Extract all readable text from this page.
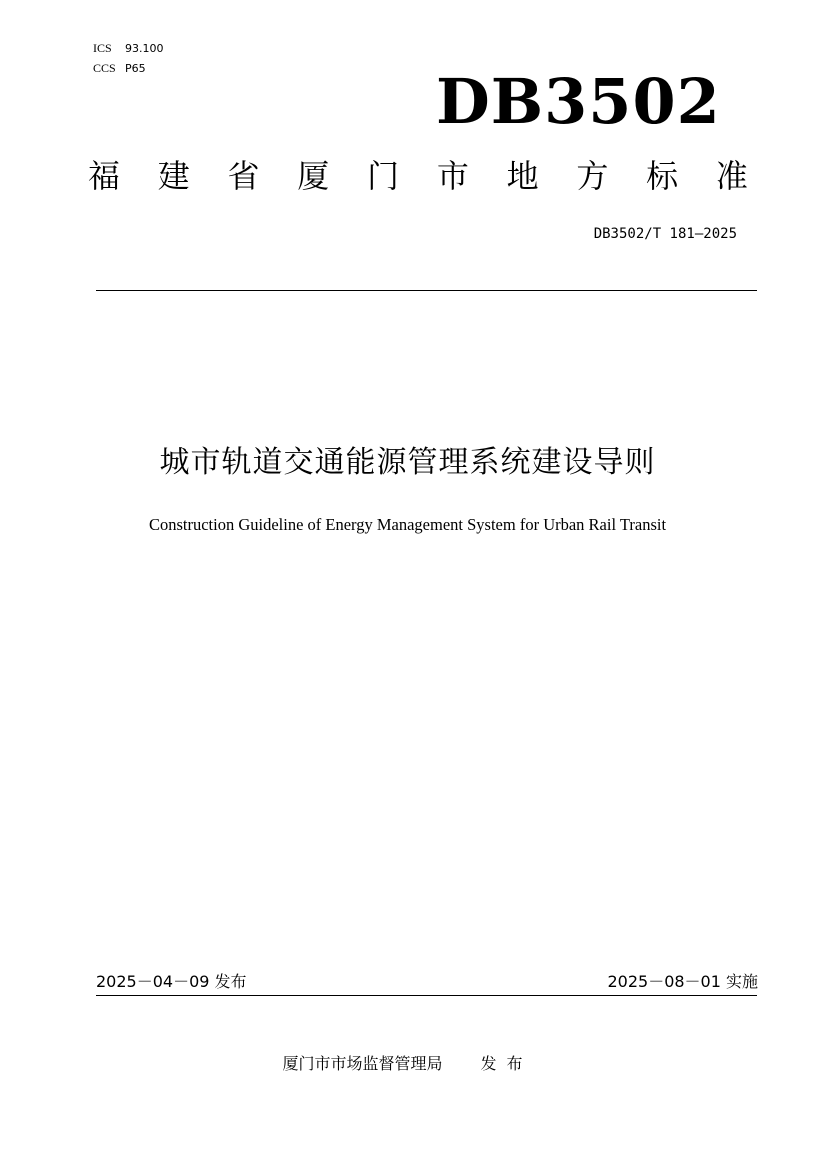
ICS 93.100
CCS P65	DB3502
福 建 省 厦 门 市 地 方 标 准
DB3502/T 181—2025
城市轨道交通能源管理系统建设导则
Construction Guideline of Energy Management System for Urban Rail Transit
2025－04－09 发布	2025－08－01 实施
厦门市市场监督管理局 发布
